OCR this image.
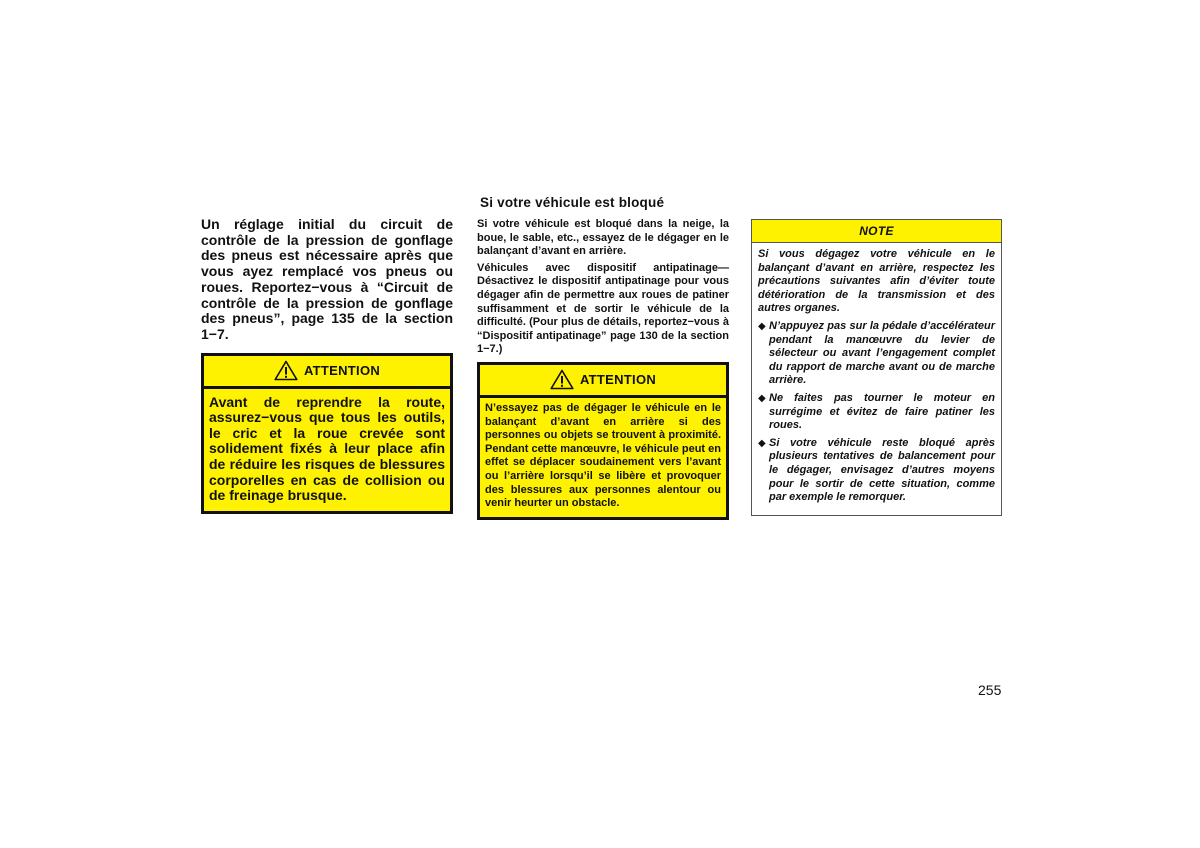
Un réglage initial du circuit de contrôle de la pression de gonflage des pneus est nécessaire après que vous ayez remplacé vos pneus ou roues. Reportez−vous à “Circuit de contrôle de la pression de gonflage des pneus”, page 135 de la section 1−7.

ATTENTION
Avant de reprendre la route, assurez−vous que tous les outils, le cric et la roue crevée sont solidement fixés à leur place afin de réduire les risques de blessures corporelles en cas de collision ou de freinage brusque.
Si votre véhicule est bloqué

Si votre véhicule est bloqué dans la neige, la boue, le sable, etc., essayez de le dégager en le balançant d’avant en arrière.

Véhicules avec dispositif antipatinage— Désactivez le dispositif antipatinage pour vous dégager afin de permettre aux roues de patiner suffisamment et de sortir le véhicule de la difficulté. (Pour plus de détails, reportez−vous à “Dispositif antipatinage” page 130 de la section 1−7.)

ATTENTION
N’essayez pas de dégager le véhicule en le balançant d’avant en arrière si des personnes ou objets se trouvent à proximité. Pendant cette manœuvre, le véhicule peut en effet se déplacer soudainement vers l’avant ou l’arrière lorsqu’il se libère et provoquer des blessures aux personnes alentour ou venir heurter un obstacle.
NOTE

Si vous dégagez votre véhicule en le balançant d’avant en arrière, respectez les précautions suivantes afin d’éviter toute détérioration de la transmission et des autres organes.

◆ N’appuyez pas sur la pédale d’accélérateur pendant la manœuvre du levier de sélecteur ou avant l’engagement complet du rapport de marche avant ou de marche arrière.
◆ Ne faites pas tourner le moteur en surrégime et évitez de faire patiner les roues.
◆ Si votre véhicule reste bloqué après plusieurs tentatives de balancement pour le dégager, envisagez d’autres moyens pour le sortir de cette situation, comme par exemple le remorquer.
255
